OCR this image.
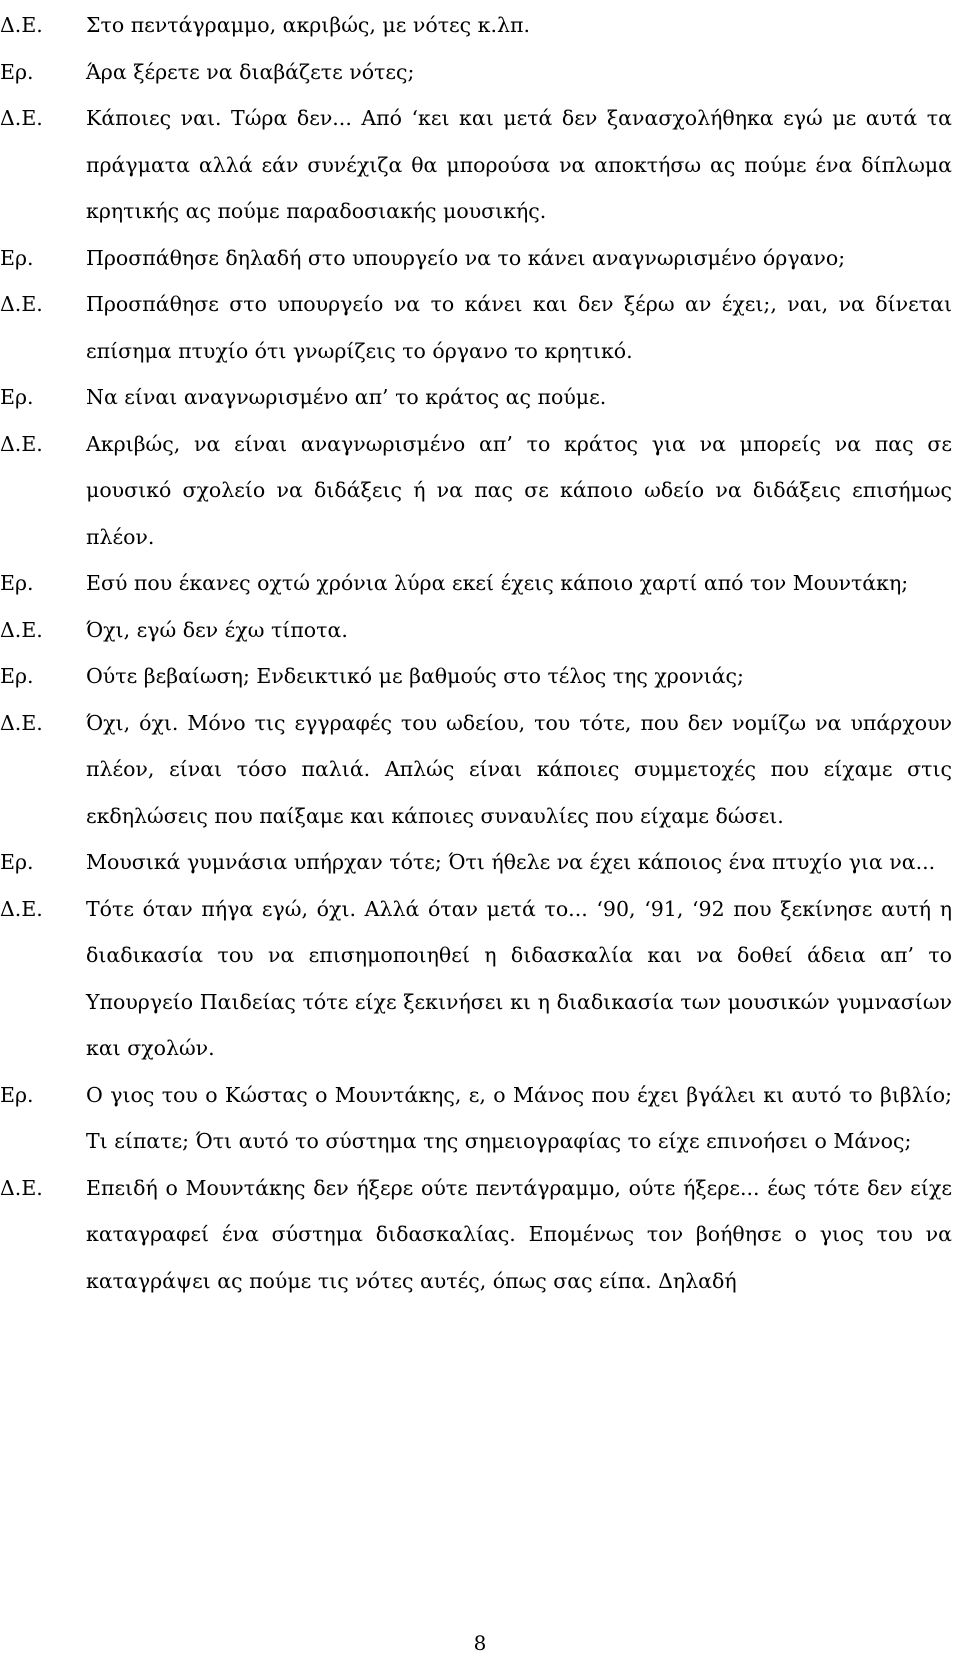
Δ.Ε. Στο πεντάγραμμο, ακριβώς, με νότες κ.λπ.
Ερ.	Άρα ξέρετε να διαβάζετε νότες;
Δ.Ε. Κάποιες ναι. Τώρα δεν... Από ‘κει και μετά δεν ξανασχολήθηκα εγώ με αυτά τα πράγματα αλλά εάν συνέχιζα θα μπορούσα να αποκτήσω ας πούμε ένα δίπλωμα κρητικής ας πούμε παραδοσιακής μουσικής.
Ερ.	Προσπάθησε δηλαδή στο υπουργείο να το κάνει αναγνωρισμένο όργανο;
Δ.Ε. Προσπάθησε στο υπουργείο να το κάνει και δεν ξέρω αν έχει;, ναι, να δίνεται επίσημα πτυχίο ότι γνωρίζεις το όργανο το κρητικό.
Ερ.	Να είναι αναγνωρισμένο απ’ το κράτος ας πούμε.
Δ.Ε. Ακριβώς, να είναι αναγνωρισμένο απ’ το κράτος για να μπορείς να πας σε μουσικό σχολείο να διδάξεις ή να πας σε κάποιο ωδείο να διδάξεις επισήμως πλέον.
Ερ.	Εσύ που έκανες οχτώ χρόνια λύρα εκεί έχεις κάποιο χαρτί από τον Μουντάκη;
Δ.Ε. Όχι, εγώ δεν έχω τίποτα.
Ερ.	Ούτε βεβαίωση; Ενδεικτικό με βαθμούς στο τέλος της χρονιάς;
Δ.Ε. Όχι, όχι. Μόνο τις εγγραφές του ωδείου, του τότε, που δεν νομίζω να υπάρχουν πλέον, είναι τόσο παλιά. Απλώς είναι κάποιες συμμετοχές που είχαμε στις εκδηλώσεις που παίξαμε και κάποιες συναυλίες που είχαμε δώσει.
Ερ.	Μουσικά γυμνάσια υπήρχαν τότε; Ότι ήθελε να έχει κάποιος ένα πτυχίο για να...
Δ.Ε. Τότε όταν πήγα εγώ, όχι. Αλλά όταν μετά το... ‘90, ‘91, ‘92 που ξεκίνησε αυτή η διαδικασία του να επισημοποιηθεί η διδασκαλία και να δοθεί άδεια απ’ το Υπουργείο Παιδείας τότε είχε ξεκινήσει κι η διαδικασία των μουσικών γυμνασίων και σχολών.
Ερ.	Ο γιος του ο Κώστας ο Μουντάκης, ε, ο Μάνος που έχει βγάλει κι αυτό το βιβλίο; Τι είπατε; Ότι αυτό το σύστημα της σημειογραφίας το είχε επινοήσει ο Μάνος;
Δ.Ε. Επειδή ο Μουντάκης δεν ήξερε ούτε πεντάγραμμο, ούτε ήξερε... έως τότε δεν είχε καταγραφεί ένα σύστημα διδασκαλίας. Επομένως τον βοήθησε ο γιος του να καταγράψει ας πούμε τις νότες αυτές, όπως σας είπα. Δηλαδή
8
